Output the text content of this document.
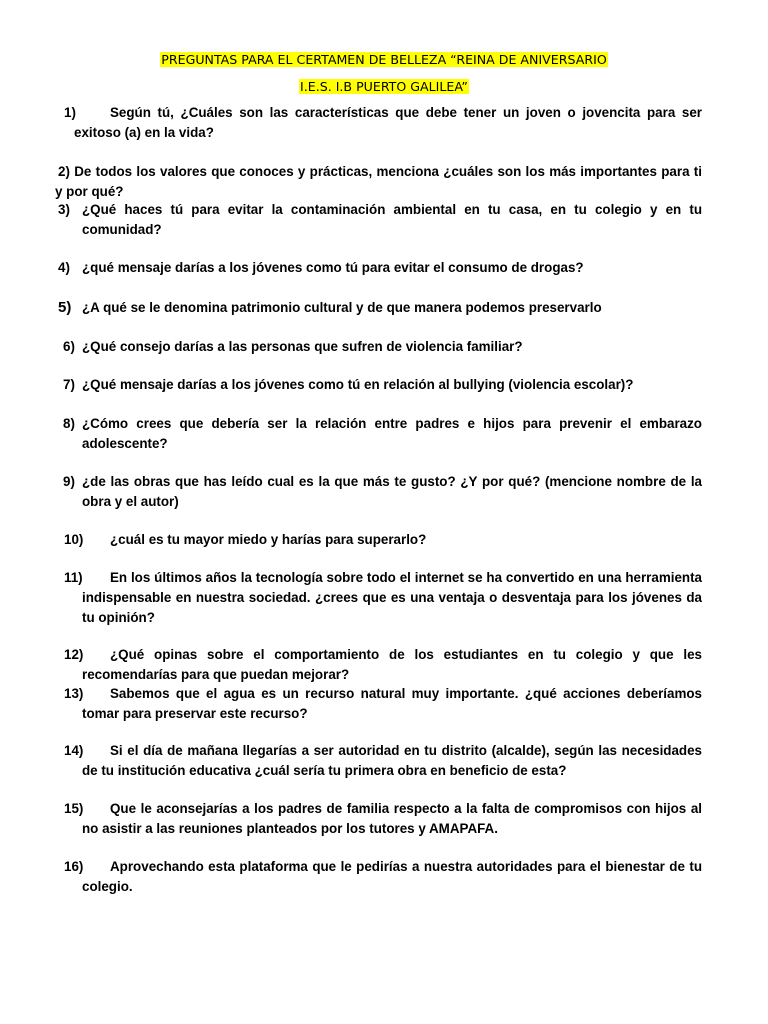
PREGUNTAS PARA EL CERTAMEN DE BELLEZA “REINA DE ANIVERSARIO
I.E.S. I.B PUERTO GALILEA”
1)	Según tú, ¿Cuáles son las características que debe tener un joven o jovencita para ser exitoso (a) en la vida?
2) De todos los valores que conoces y prácticas, menciona ¿cuáles son los más importantes para ti y por qué?
3) ¿Qué haces tú para evitar la contaminación ambiental en tu casa, en tu colegio y en tu comunidad?
4) ¿qué mensaje darías a los jóvenes como tú para evitar el consumo de drogas?
5) ¿A qué se le denomina patrimonio cultural y de que manera podemos preservarlo
6) ¿Qué consejo darías a las personas que sufren de violencia familiar?
7) ¿Qué mensaje darías a los jóvenes como tú en relación al bullying (violencia escolar)?
8) ¿Cómo crees que debería ser la relación entre padres e hijos para prevenir el embarazo adolescente?
9) ¿de las obras que has leído cual es la que más te gusto? ¿Y por qué? (mencione nombre de la obra y el autor)
10)	¿cuál es tu mayor miedo y harías para superarlo?
11)	En los últimos años la tecnología sobre todo el internet se ha convertido en una herramienta indispensable en nuestra sociedad. ¿crees que es una ventaja o desventaja para los jóvenes da tu opinión?
12)	¿Qué opinas sobre el comportamiento de los estudiantes en tu colegio y que les recomendarías para que puedan mejorar?
13)	Sabemos que el agua es un recurso natural muy importante. ¿qué acciones deberíamos tomar para preservar este recurso?
14)	Si el día de mañana llegarías a ser autoridad en tu distrito (alcalde), según las necesidades de tu institución educativa ¿cuál sería tu primera obra en beneficio de esta?
15)	Que le aconsejarías a los padres de familia respecto a la falta de compromisos con hijos al no asistir a las reuniones planteados por los tutores y AMAPAFA.
16)	Aprovechando esta plataforma que le pedirías a nuestra autoridades para el bienestar de tu colegio.
